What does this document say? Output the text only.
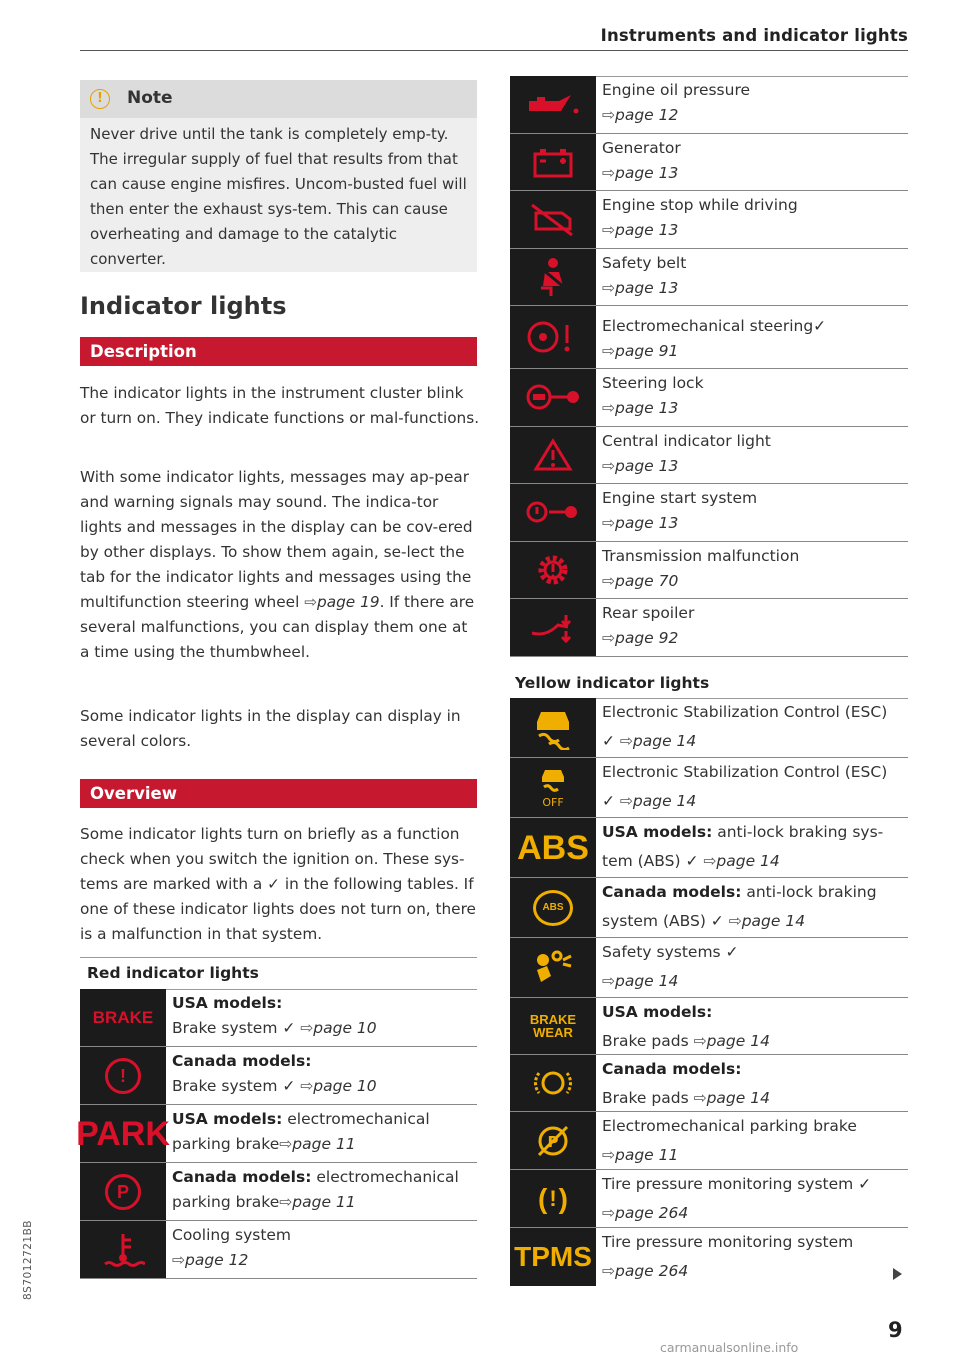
Instruments and indicator lights
!	Note
Never drive until the tank is completely emp-ty. The irregular supply of fuel that results from that can cause engine misfires. Uncom-busted fuel will then enter the exhaust sys-tem. This can cause overheating and damage to the catalytic converter.
Indicator lights
Description

The indicator lights in the instrument cluster blink or turn on. They indicate functions or mal-functions.

With some indicator lights, messages may ap-pear and warning signals may sound. The indica-tor lights and messages in the display can be cov-ered by other displays. To show them again, se-lect the tab for the indicator lights and messages using the multifunction steering wheel ⇨page 19. If there are several malfunctions, you can display them one at a time using the thumbwheel.

Some indicator lights in the display can display in several colors.

Overview

Some indicator lights turn on briefly as a function check when you switch the ignition on. These sys-tems are marked with a ✓ in the following tables. If one of these indicator lights does not turn on, there is a malfunction in that system.

Red indicator lights
BRAKE
USA models:
Brake system ✓ ⇨page 10
!
Canada models:
Brake system ✓ ⇨page 10
PARK USA models: electromechanical parking brake⇨page 11
P
Canada models: electromechanical parking brake⇨page 11
Cooling system
⇨page 12
Engine oil pressure
⇨page 12
Generator
⇨page 13
Engine stop while driving
⇨page 13
Safety belt
⇨page 13
Electromechanical steering✓
⇨page 91
Steering lock
⇨page 13
Central indicator light
⇨page 13
Engine start system
⇨page 13
Transmission malfunction
⇨page 70
Rear spoiler
⇨page 92
Yellow indicator lights
Electronic Stabilization Control (ESC)
✓ ⇨page 14
OFF
Electronic Stabilization Control (ESC)
✓ ⇨page 14
ABS USA models: anti-lock braking sys-tem (ABS) ✓ ⇨page 14
ABS
Canada models: anti-lock braking system (ABS) ✓ ⇨page 14
Safety systems ✓
⇨page 14
BRAKE
WEAR
USA models:
Brake pads ⇨page 14
Canada models:
Brake pads ⇨page 14
P
Electromechanical parking brake
⇨page 11
( ! )	Tire pressure monitoring system ✓
⇨page 264
TPMS Tire pressure monitoring system
⇨page 264
9
8S7012721BB
carmanualsonline.info
